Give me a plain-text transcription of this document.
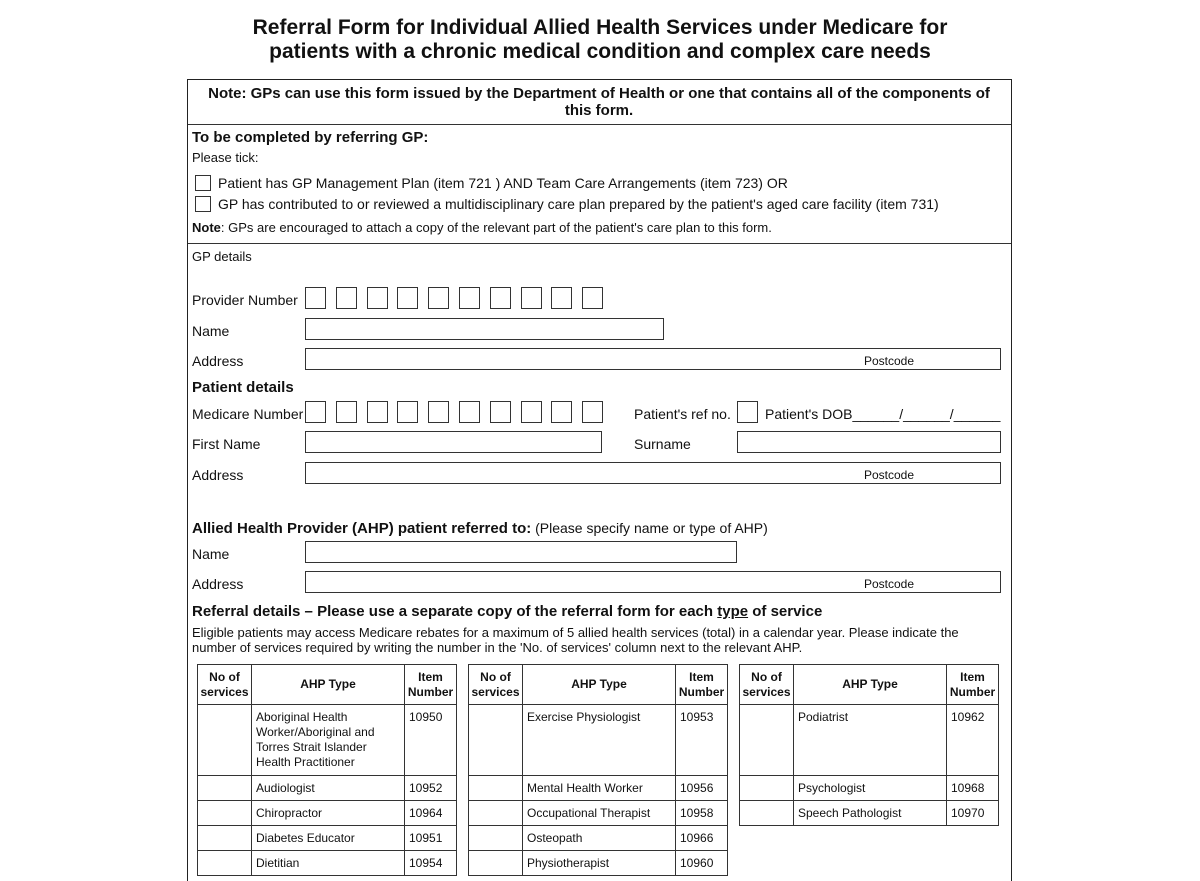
Referral Form for Individual Allied Health Services under Medicare for
patients with a chronic medical condition and complex care needs
Note: GPs can use this form issued by the Department of Health or one that contains all of the components of this form.
To be completed by referring GP:
Please tick:
Patient has GP Management Plan (item 721 ) AND Team Care Arrangements (item 723) OR
GP has contributed to or reviewed a multidisciplinary care plan prepared by the patient's aged care facility (item 731)
Note: GPs are encouraged to attach a copy of the relevant part of the patient's care plan to this form.
GP details
Provider Number
Name
Address	Postcode
Patient details
Medicare Number	Patient's ref no. Patient's DOB______/______/______
First Name	Surname
Address	Postcode
Allied Health Provider (AHP) patient referred to: (Please specify name or type of AHP)
Name
Address	Postcode
Referral details – Please use a separate copy of the referral form for each type of service
Eligible patients may access Medicare rebates for a maximum of 5 allied health services (total) in a calendar year. Please indicate the
number of services required by writing the number in the 'No. of services' column next to the relevant AHP.
No of
services	AHP Type	Item
Number
	Aboriginal Health Worker/Aboriginal and Torres Strait Islander Health Practitioner	10950
	Audiologist	10952
	Chiropractor	10964
	Diabetes Educator	10951
	Dietitian	10954
No of
services	AHP Type	Item
Number
	Exercise Physiologist	10953
	Mental Health Worker	10956
	Occupational Therapist	10958
	Osteopath	10966
	Physiotherapist	10960
No of
services	AHP Type	Item
Number
	Podiatrist	10962
	Psychologist	10968
	Speech Pathologist	10970
